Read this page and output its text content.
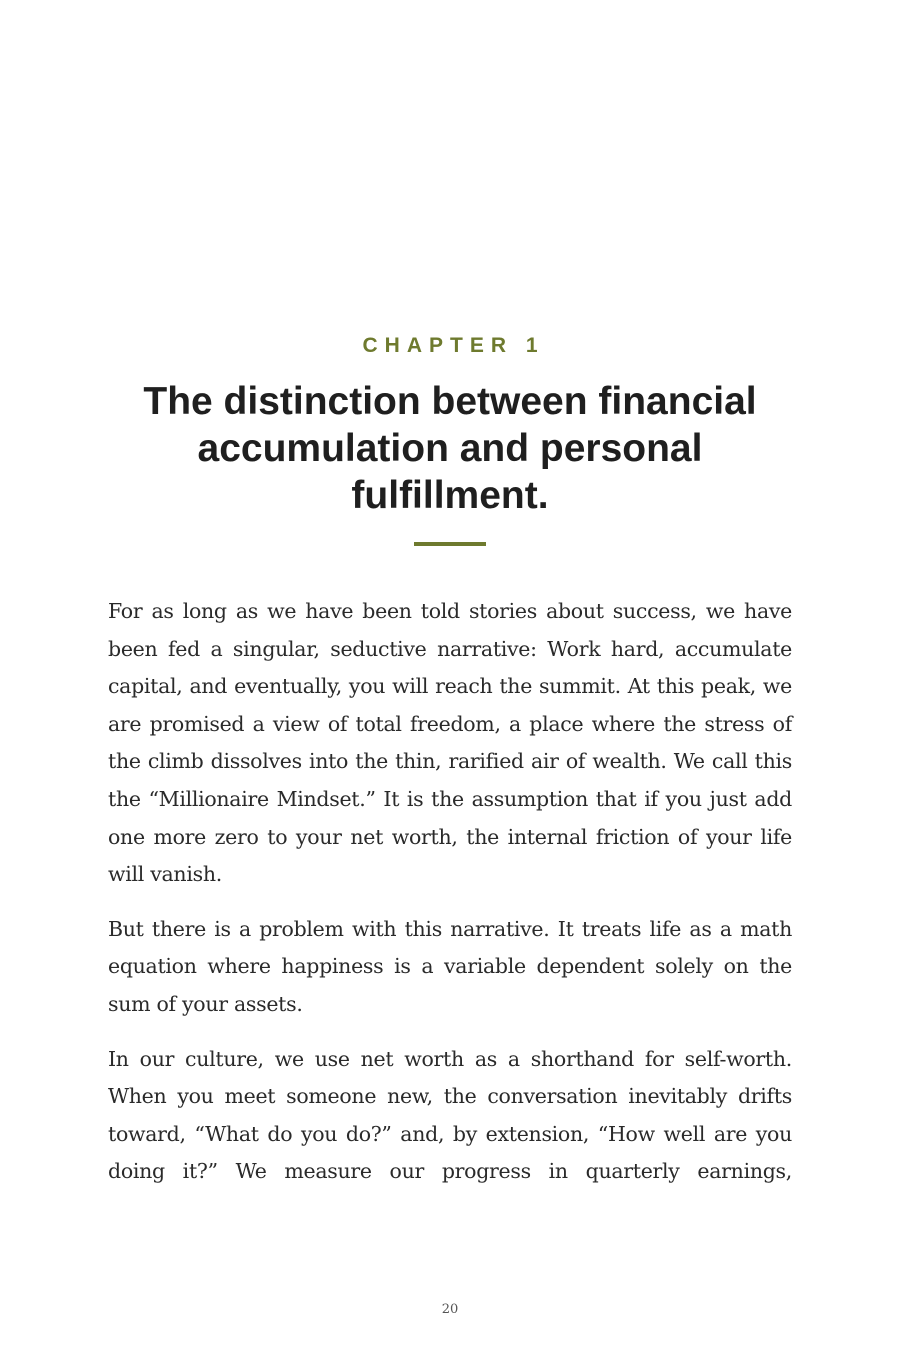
CHAPTER 1
The distinction between financial accumulation and personal fulfillment.

For as long as we have been told stories about success, we have been fed a singular, seductive narrative: Work hard, accumulate capital, and eventually, you will reach the summit. At this peak, we are promised a view of total freedom, a place where the stress of the climb dissolves into the thin, rarified air of wealth. We call this the “Millionaire Mindset.” It is the assumption that if you just add one more zero to your net worth, the internal friction of your life will vanish.

But there is a problem with this narrative. It treats life as a math equation where happiness is a variable dependent solely on the sum of your assets.

In our culture, we use net worth as a shorthand for self-worth. When you meet someone new, the conversation inevitably drifts toward, “What do you do?” and, by extension, “How well are you doing it?” We measure our progress in quarterly earnings,

20
